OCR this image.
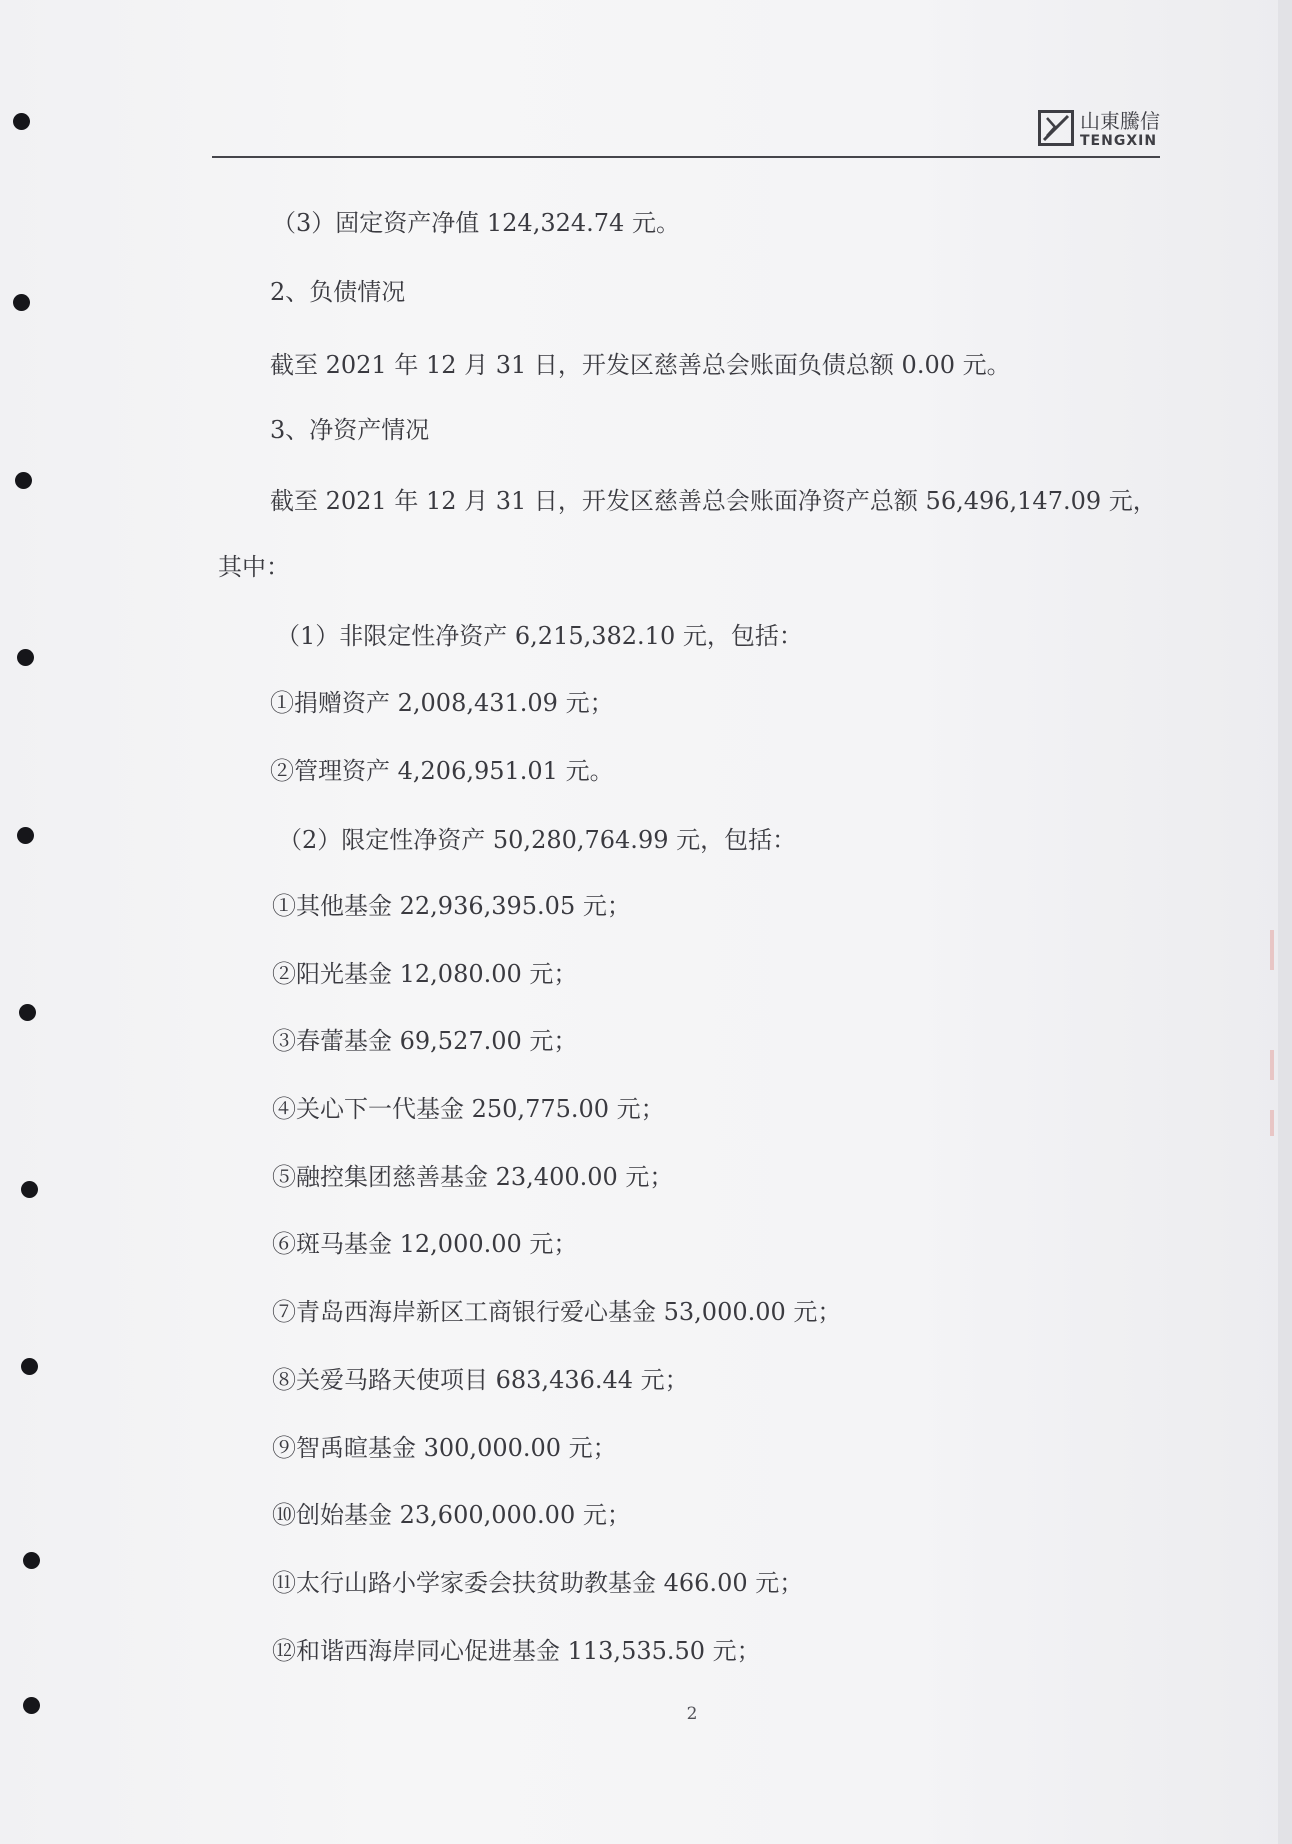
山東騰信
TENGXIN
（3）固定资产净值 124,324.74 元。
2、负债情况
截至 2021 年 12 月 31 日，开发区慈善总会账面负债总额 0.00 元。
3、净资产情况
截至 2021 年 12 月 31 日，开发区慈善总会账面净资产总额 56,496,147.09 元，
其中：
（1）非限定性净资产 6,215,382.10 元，包括：
①捐赠资产 2,008,431.09 元；
②管理资产 4,206,951.01 元。
（2）限定性净资产 50,280,764.99 元，包括：
①其他基金 22,936,395.05 元；
②阳光基金 12,080.00 元；
③春蕾基金 69,527.00 元；
④关心下一代基金 250,775.00 元；
⑤融控集团慈善基金 23,400.00 元；
⑥斑马基金 12,000.00 元；
⑦青岛西海岸新区工商银行爱心基金 53,000.00 元；
⑧关爱马路天使项目 683,436.44 元；
⑨智禹暄基金 300,000.00 元；
⑩创始基金 23,600,000.00 元；
⑪太行山路小学家委会扶贫助教基金 466.00 元；
⑫和谐西海岸同心促进基金 113,535.50 元；
2
